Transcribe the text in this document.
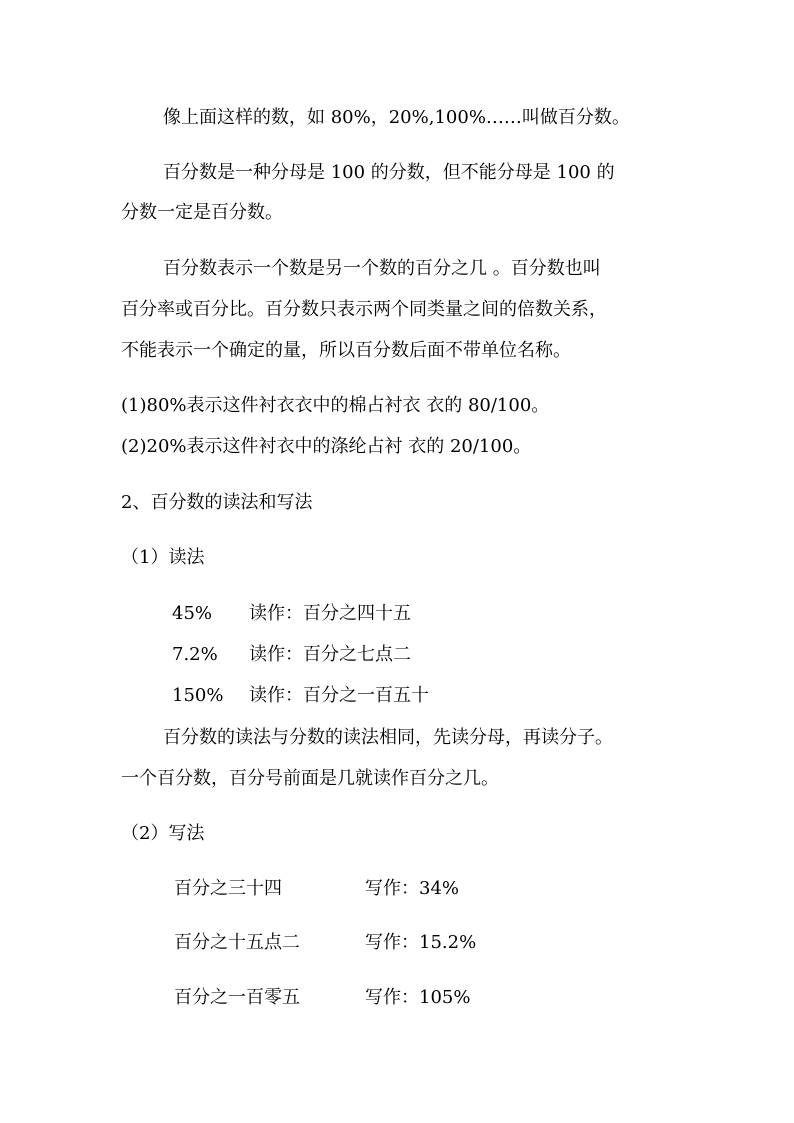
像上面这样的数，如 80%，20%,100%……叫做百分数。
百分数是一种分母是 100 的分数，但不能分母是 100 的
分数一定是百分数。
百分数表示一个数是另一个数的百分之几 。百分数也叫
百分率或百分比。百分数只表示两个同类量之间的倍数关系，
不能表示一个确定的量，所以百分数后面不带单位名称。
(1)80%表示这件衬衣衣中的棉占衬衣 衣的 80/100。
(2)20%表示这件衬衣中的涤纶占衬 衣的 20/100。
2、百分数的读法和写法
（1）读法
45% 读作：百分之四十五
7.2% 读作：百分之七点二
150% 读作：百分之一百五十
百分数的读法与分数的读法相同，先读分母，再读分子。
一个百分数，百分号前面是几就读作百分之几。
（2）写法
百分之三十四	写作：34%
百分之十五点二	写作：15.2%
百分之一百零五	写作：105%
